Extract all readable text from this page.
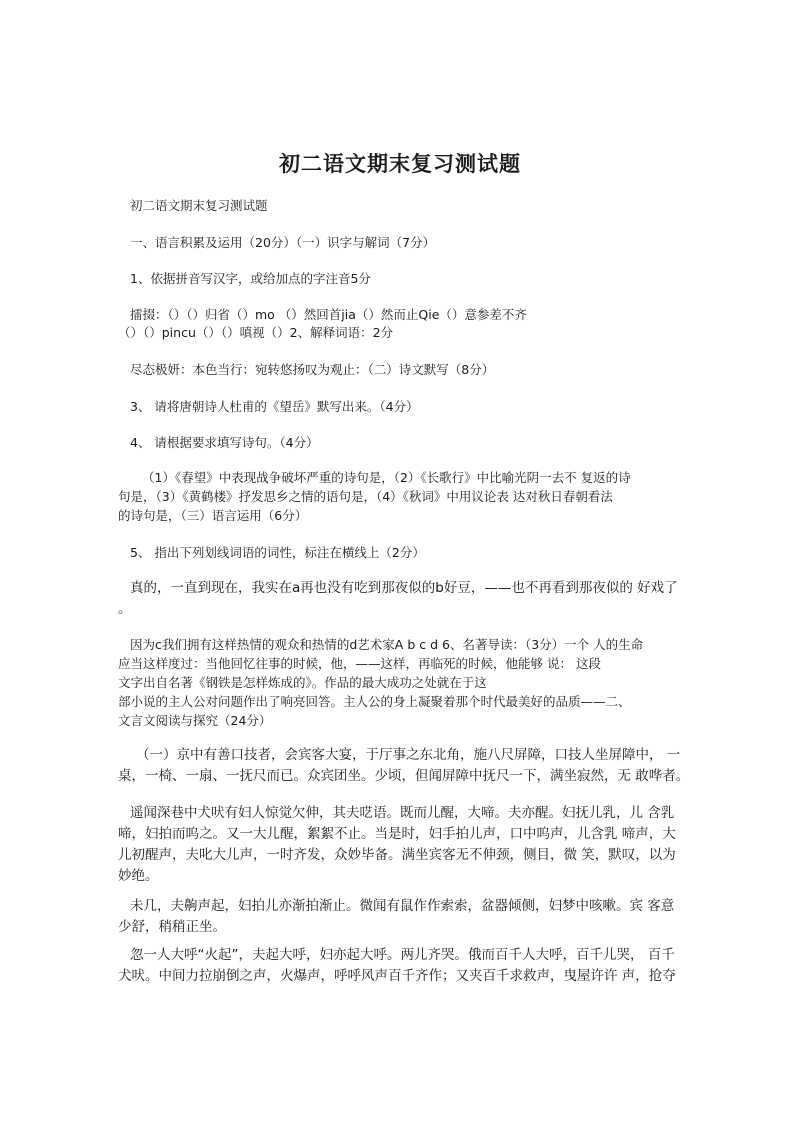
初二语文期末复习测试题
初二语文期末复习测试题
一、语言积累及运用（20分）（一）识字与解词（7分）
1、依据拼音写汉字，或给加点的字注音5分
擂掇：（）（）归省（）mo （）然回首jia（）然而止Qie（）意参差不齐
（）（）pincu（）（）嗔视（）2、解释词语：2分
尽态极妍：本色当行：宛转悠扬叹为观止：（二）诗文默写（8分）
3、 请将唐朝诗人杜甫的《望岳》默写出来。（4分）
4、 请根据要求填写诗句。（4分）
（1）《春望》中表现战争破坏严重的诗句是，（2）《长歌行》中比喻光阴一去不 复返的诗
句是，（3）《黄鹤楼》抒发思乡之情的语句是，（4）《秋词》中用议论表 达对秋日春朝看法
的诗句是，（三）语言运用（6分）
5、 指出下列划线词语的词性，标注在横线上（2分）
真的，一直到现在，我实在a再也没有吃到那夜似的b好豆，——也不再看到那夜似的 好戏了
。
因为c我们拥有这样热情的观众和热情的d艺术家A b c d 6、名著导读：（3分）一个 人的生命
应当这样度过：当他回忆往事的时候，他，——这样，再临死的时候，他能够 说： 这段
文字出自名著《钢铁是怎样炼成的》。作品的最大成功之处就在于这
部小说的主人公对问题作出了响亮回答。主人公的身上凝聚着那个时代最美好的品质——二、
文言文阅读与探究（24分）
（一）京中有善口技者，会宾客大宴，于厅事之东北角，施八尺屏障，口技人坐屏障中， 一
桌，一椅、一扇、一抚尺而已。众宾团坐。少顷，但闻屏障中抚尺一下，满坐寂然，无 敢哗者。
遥闻深巷中犬吠有妇人惊觉欠伸，其夫呓语。既而儿醒，大啼。夫亦醒。妇抚儿乳，儿 含乳
啼，妇拍而呜之。又一大儿醒，絮絮不止。当是时，妇手拍儿声，口中呜声，儿含乳 啼声，大
儿初醒声，夫叱大儿声，一时齐发，众妙毕备。满坐宾客无不伸颈，侧目，微 笑，默叹，以为
妙绝。
未几，夫齁声起，妇拍儿亦渐拍渐止。微闻有鼠作作索索，盆器倾侧，妇梦中咳嗽。宾 客意
少舒，稍稍正坐。
忽一人大呼“火起”，夫起大呼，妇亦起大呼。两儿齐哭。俄而百千人大呼，百千儿哭， 百千
犬吠。中间力拉崩倒之声，火爆声，呼呼风声百千齐作；又夹百千求救声，曳屋许许 声，抢夺
